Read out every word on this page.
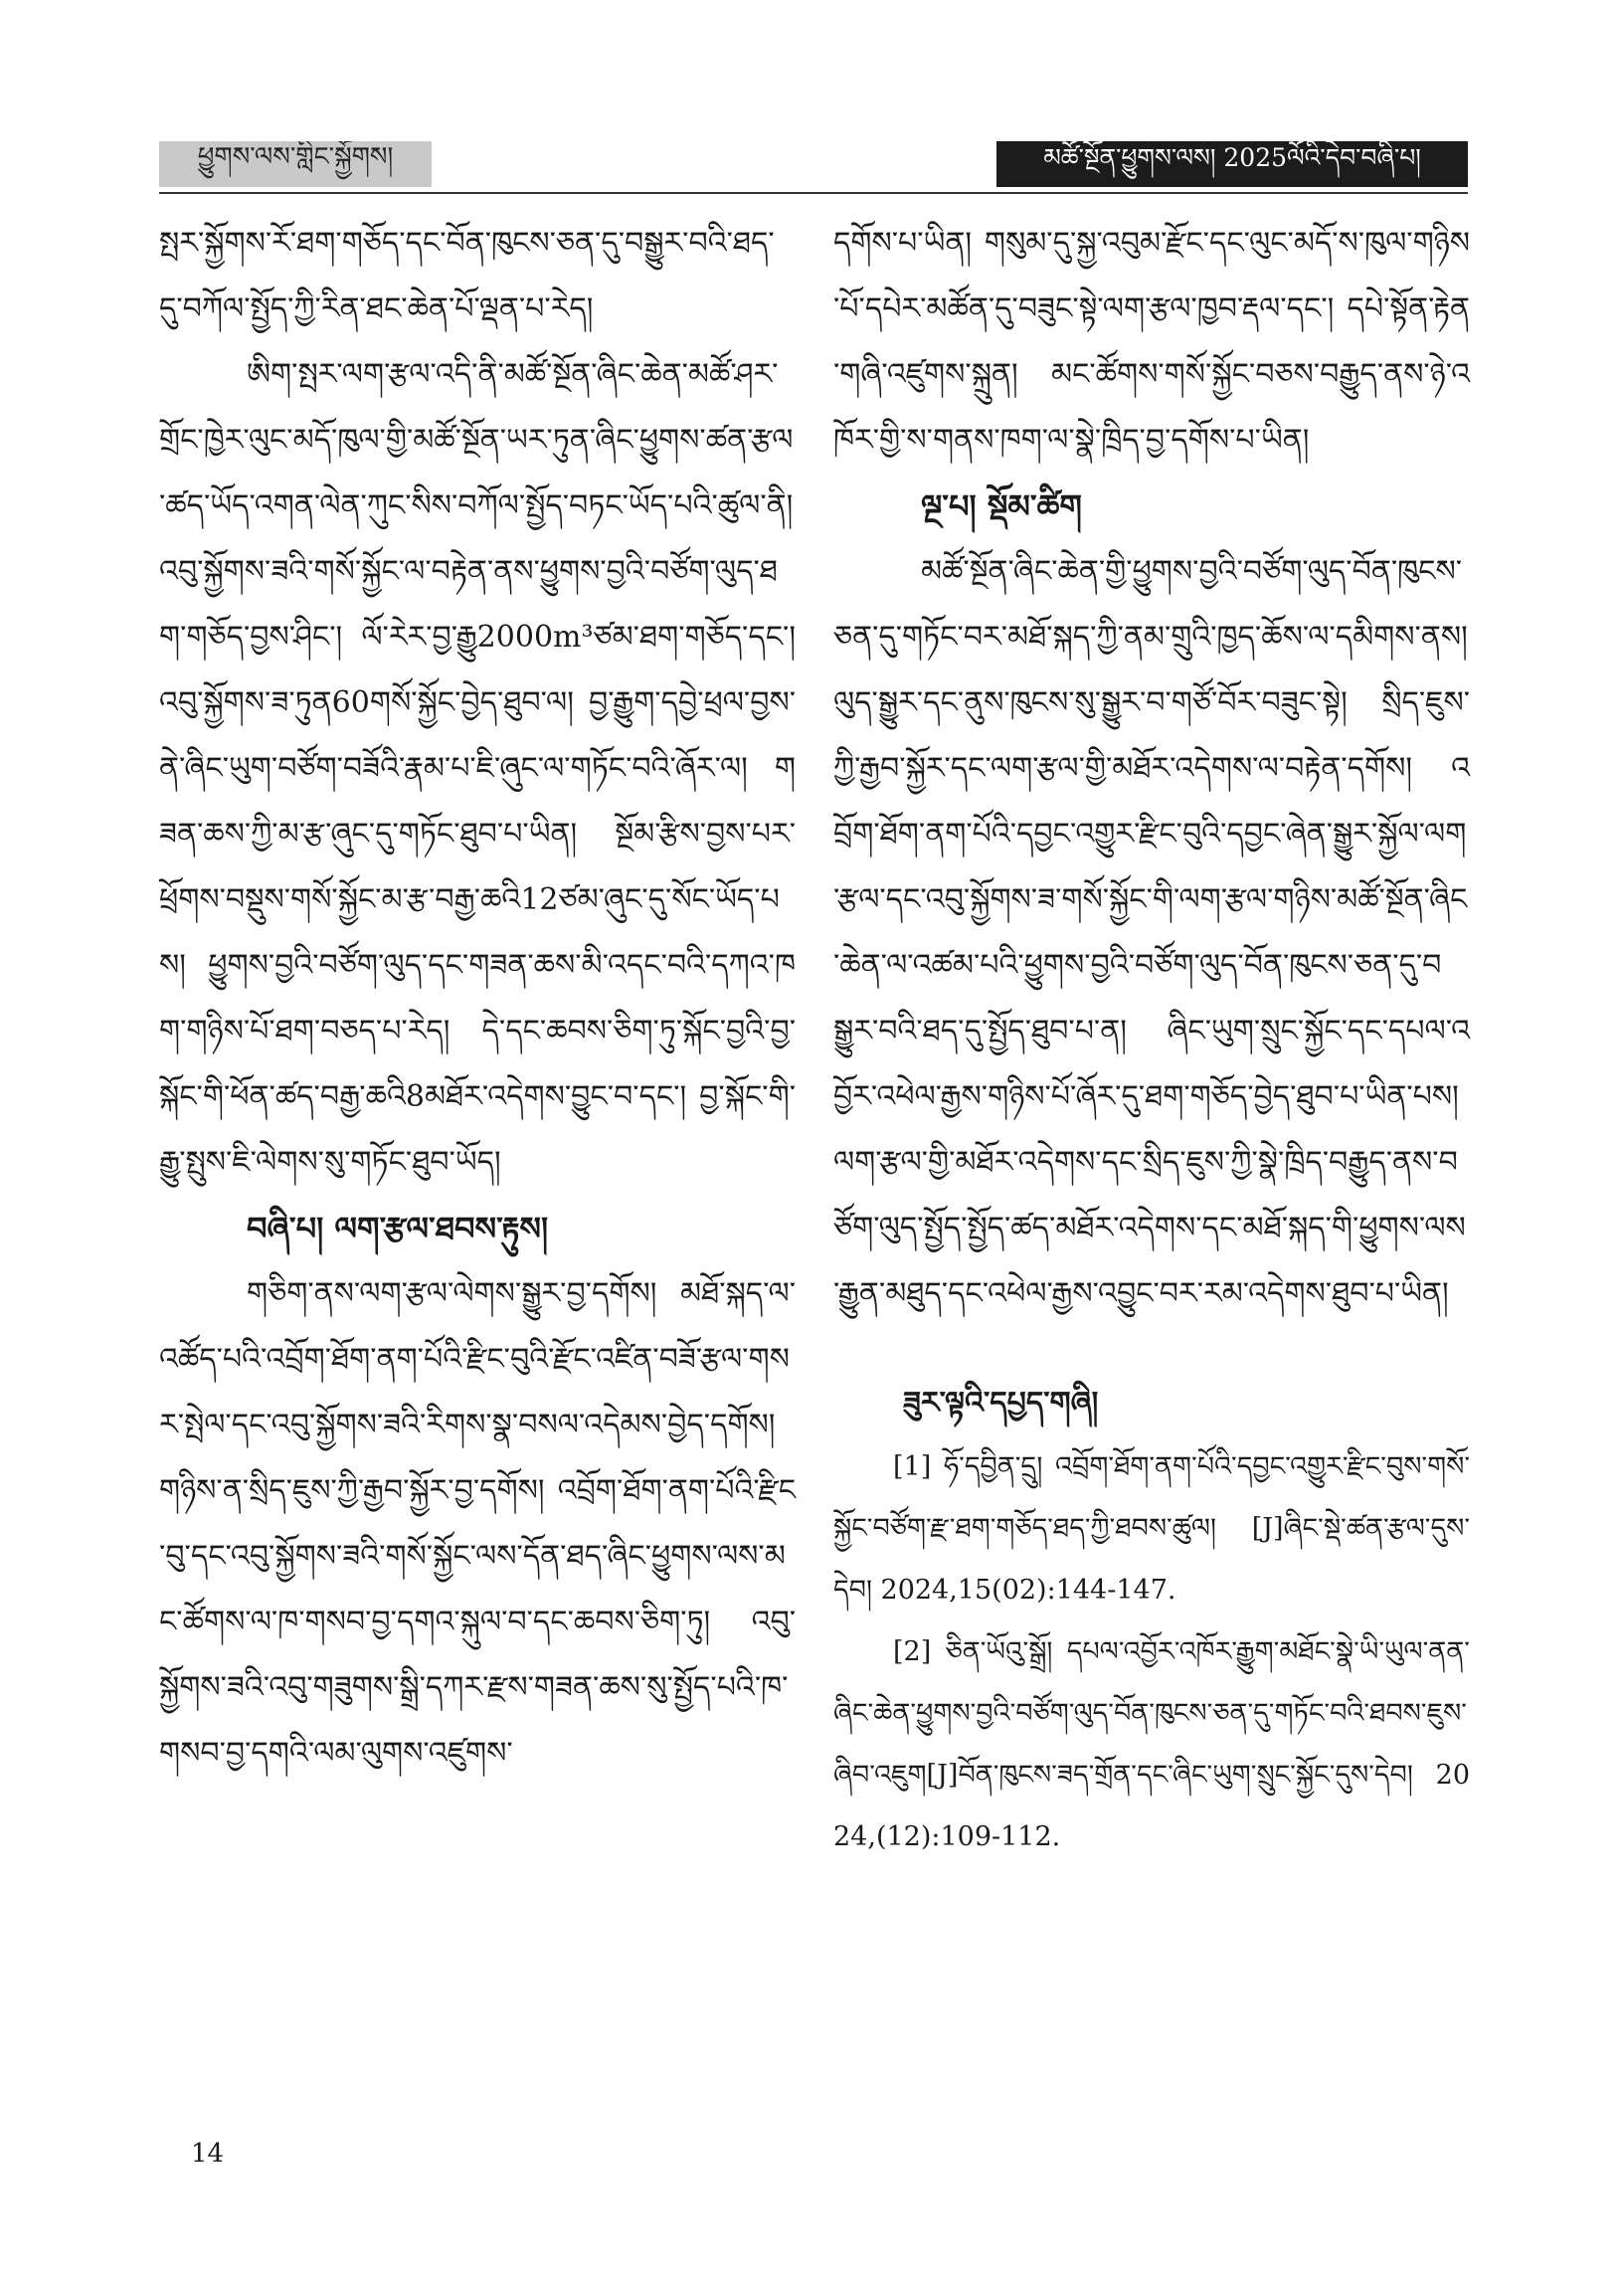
ཕྱུགས་ལས་གླིང་སྐྱོགས།	མཚོ་སྔོན་ཕྱུགས་ལས། 2025ལོའི་དེབ་བཞི་པ།

སྤར་སྐྱོགས་རོ་ཐག་གཅོད་དང་བོན་ཁུངས་ཅན་དུ་བསྒྱུར་བའི་ཐད་དུ་བཀོལ་སྤྱོད་ཀྱི་རིན་ཐང་ཆེན་པོ་ལྡན་པ་རེད།

ཨིག་སྤར་ལག་རྩལ་འདི་ནི་མཚོ་སྔོན་ཞིང་ཆེན་མཚོ་ཤར་གྲོང་ཁྱེར་ལུང་མདོ་ཁུལ་གྱི་མཚོ་སྔོན་ཡར་ཏུན་ཞིང་ཕྱུགས་ཚན་རྩལ་ཚད་ཡོད་འགན་ལེན་ཀུང་སིས་བཀོལ་སྤྱོད་བཏང་ཡོད་པའི་ཚུལ་ནི། འབུ་སྐྱོགས་ཟའི་གསོ་སྐྱོང་ལ་བརྟེན་ནས་ཕྱུགས་བྱའི་བཙོག་ལུད་ཐག་གཅོད་བྱས་ཤིང་། ལོ་རེར་བྱ་རྒྱུ2000m³ཙམ་ཐག་གཅོད་དང་། འབུ་སྐྱོགས་ཟ་ཏུན60གསོ་སྐྱོང་བྱེད་ཐུབ་ལ། བྱ་རྒྱུག་དབྱེ་ཕྲལ་བྱས་ནེ་ཞིང་ཡུག་བཙོག་བཟོའི་རྣམ་པ་ཇི་ཞུང་ལ་གཏོང་བའི་ཞོར་ལ། གཟན་ཆས་ཀྱི་མ་རྩ་ཞུང་དུ་གཏོང་ཐུབ་པ་ཡིན། སྔོམ་རྩིས་བྱས་པར་ཕྲོགས་བསྡུས་གསོ་སྐྱོང་མ་རྩ་བརྒྱ་ཆའི12ཙམ་ཞུང་དུ་སོང་ཡོད་པས། ཕྱུགས་བྱའི་བཙོག་ལུད་དང་གཟན་ཆས་མི་འདང་བའི་དཀའ་ཁག་གཉིས་པོ་ཐག་བཅད་པ་རེད། དེ་དང་ཆབས་ཅིག་ཏུ་སྐོང་བྱའི་བྱ་སྐོང་གི་ཕོན་ཚད་བརྒྱ་ཆའི8མཐོར་འདེགས་བྱུང་བ་དང་། བྱ་སྐོང་གི་རྒྱུ་སྤུས་ཇི་ལེགས་སུ་གཏོང་ཐུབ་ཡོད།

བཞི་པ། ལག་རྩལ་ཐབས་རྟུས།

གཅིག་ནས་ལག་རྩལ་ལེགས་སྒྱུར་བྱ་དགོས། མཐོ་སྐད་ལ་འཚོད་པའི་འབྲོག་ཐོག་ནག་པོའི་རྫིང་བུའི་རྫོང་འཛིན་བཟོ་རྩལ་གསར་སྤེལ་དང་འབུ་སྐྱོགས་ཟའི་རིགས་སྣ་བསལ་འདེམས་བྱེད་དགོས། གཉིས་ན་སྲིད་ཇུས་ཀྱི་རྒྱབ་སྐྱོར་བྱ་དགོས། འབྲོག་ཐོག་ནག་པོའི་རྫིང་བུ་དང་འབུ་སྐྱོགས་ཟའི་གསོ་སྐྱོང་ལས་དོན་ཐད་ཞིང་ཕྱུགས་ལས་མང་ཚོགས་ལ་ཁ་གསབ་བྱ་དགའ་སྐུལ་བ་དང་ཆབས་ཅིག་ཏུ། འབུ་སྐྱོགས་ཟའི་འབུ་གཟུགས་སྒྲི་དཀར་རྫས་གཟན་ཆས་སུ་སྤྱོད་པའི་ཁ་གསབ་བྱ་དགའི་ལམ་ལུགས་འཛུགས་

དགོས་པ་ཡིན། གསུམ་དུ་སྐྱ་འབུམ་རྫོང་དང་ལུང་མདོ་ས་ཁུལ་གཉིས་པོ་དཔེར་མཚོན་དུ་བཟུང་སྟེ་ལག་རྩལ་ཁྱབ་རྡལ་དང་། དཔེ་སྟོན་རྟེན་གཞི་འཛུགས་སྐྲུན། མང་ཚོགས་གསོ་སྐྱོང་བཅས་བརྒྱུད་ནས་ཉེ་འཁོར་གྱི་ས་གནས་ཁག་ལ་སྣེ་ཁྲིད་བྱ་དགོས་པ་ཡིན།

ལྔ་པ། སྡོམ་ཚིག

མཚོ་སྔོན་ཞིང་ཆེན་གྱི་ཕྱུགས་བྱའི་བཙོག་ལུད་བོན་ཁུངས་ཅན་དུ་གཏོང་བར་མཐོ་སྐད་ཀྱི་ནམ་གྲུའི་ཁྱད་ཆོས་ལ་དམིགས་ནས། ལུད་སྒྱུར་དང་ནུས་ཁུངས་སུ་སྒྱུར་བ་གཙོ་བོར་བཟུང་སྟེ། སྲིད་ཇུས་ཀྱི་རྒྱབ་སྐྱོར་དང་ལག་རྩལ་གྱི་མཐོར་འདེགས་ལ་བརྟེན་དགོས། འབྲོག་ཐོག་ནག་པོའི་དབྱང་འགྱུར་རྫིང་བུའི་དབྱང་ཞེན་སྒྱུར་སྐྱོལ་ལག་རྩལ་དང་འབུ་སྐྱོགས་ཟ་གསོ་སྐྱོང་གི་ལག་རྩལ་གཉིས་མཚོ་སྔོན་ཞིང་ཆེན་ལ་འཚམ་པའི་ཕྱུགས་བྱའི་བཙོག་ལུད་བོན་ཁུངས་ཅན་དུ་བསྒྱུར་བའི་ཐད་དུ་སྤྱོད་ཐུབ་པ་ན། ཞིང་ཡུག་སྲུང་སྐྱོང་དང་དཔལ་འབྱོར་འཕེལ་རྒྱས་གཉིས་པོ་ཞོར་དུ་ཐག་གཅོད་བྱེད་ཐུབ་པ་ཡིན་པས། ལག་རྩལ་གྱི་མཐོར་འདེགས་དང་སྲིད་ཇུས་ཀྱི་སྣེ་ཁྲིད་བརྒྱུད་ནས་བཙོག་ལུད་སྤྱོད་སྤྱོད་ཚད་མཐོར་འདེགས་དང་མཐོ་སྐད་གི་ཕྱུགས་ལས་རྒྱུན་མཐུད་དང་འཕེལ་རྒྱས་འབྱུང་བར་རམ་འདེགས་ཐུབ་པ་ཡིན།

ཟུར་ལྟའི་དཔྱད་གཞི།

[1] ཧོ་དབྱིན་དྲུ། འབྲོག་ཐོག་ནག་པོའི་དབྱང་འགྱུར་རྫིང་བུས་གསོ་སྐྱོང་བཙོག་རྫ་ཐག་གཅོད་ཐད་ཀྱི་ཐབས་ཚུལ། [J]ཞིང་སྡེ་ཚན་རྩལ་དུས་དེབ། 2024,15(02):144-147.

[2] ཅིན་ཡོའུ་སྒྲོ། དཔལ་འབྱོར་འཁོར་རྒྱུག་མཐོང་སྣེ་ཡི་ཡུལ་ནན་ཞིང་ཆེན་ཕྱུགས་བྱའི་བཙོག་ལུད་བོན་ཁུངས་ཅན་དུ་གཏོང་བའི་ཐབས་ཇུས་ཞིབ་འཇུག[J]བོན་ཁུངས་ཟད་གྲོན་དང་ཞིང་ཡུག་སྲུང་སྐྱོང་དུས་དེབ། 2024,(12):109-112.

14
